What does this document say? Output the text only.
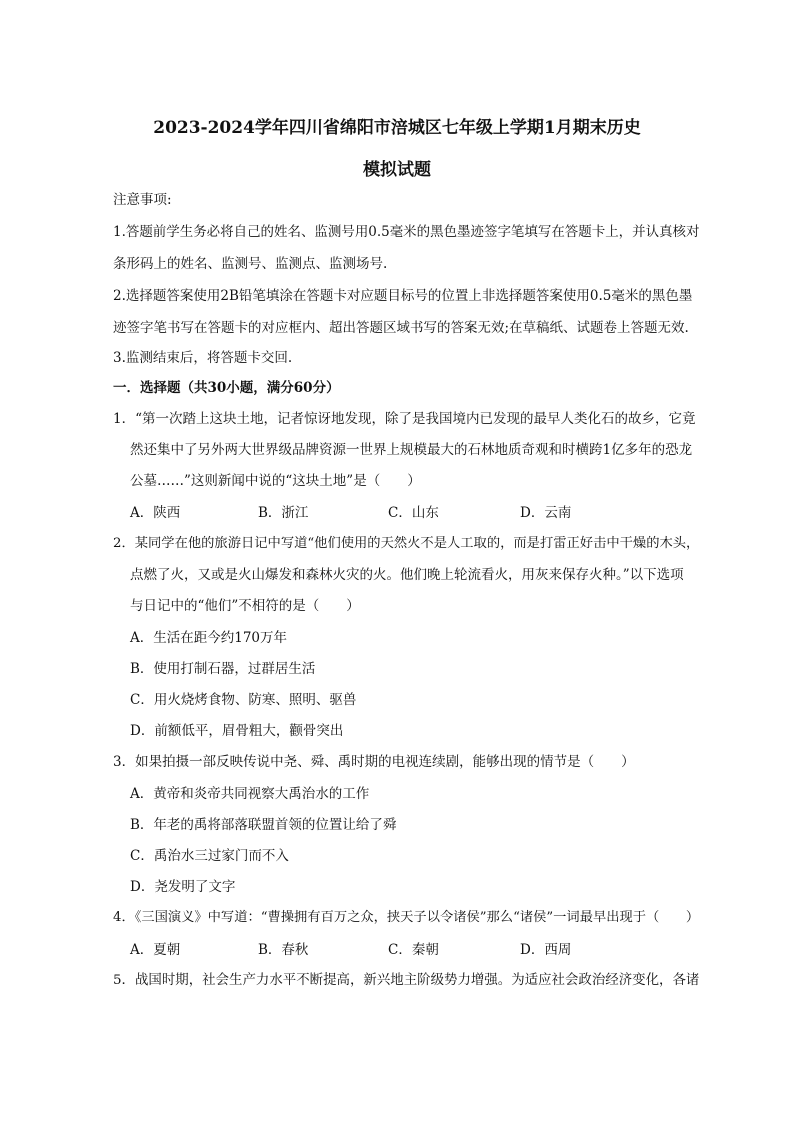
2023-2024学年四川省绵阳市涪城区七年级上学期1月期末历史
模拟试题
注意事项:
1.答题前学生务必将自己的姓名、监测号用0.5毫米的黑色墨迹签字笔填写在答题卡上，并认真核对
条形码上的姓名、监测号、监测点、监测场号.
2.选择题答案使用2B铅笔填涂在答题卡对应题目标号的位置上非选择题答案使用0.5毫米的黑色墨
迹签字笔书写在答题卡的对应框内、超出答题区域书写的答案无效;在草稿纸、试题卷上答题无效.
3.监测结束后，将答题卡交回.
一．选择题（共30小题，满分60分）
1．“第一次踏上这块土地，记者惊讶地发现，除了是我国境内已发现的最早人类化石的故乡，它竟
然还集中了另外两大世界级品牌资源一世界上规模最大的石林地质奇观和时横跨1亿多年的恐龙
公墓……”这则新闻中说的“这块土地”是（　　）
A．陕西	B．浙江	C．山东	D．云南
2．某同学在他的旅游日记中写道“他们使用的天然火不是人工取的，而是打雷正好击中干燥的木头，
点燃了火，又或是火山爆发和森林火灾的火。他们晚上轮流看火，用灰来保存火种。”以下选项
与日记中的“他们”不相符的是（　　）
A．生活在距今约170万年
B．使用打制石器，过群居生活
C．用火烧烤食物、防寒、照明、驱兽
D．前额低平，眉骨粗大，颧骨突出
3．如果拍摄一部反映传说中尧、舜、禹时期的电视连续剧，能够出现的情节是（　　）
A．黄帝和炎帝共同视察大禹治水的工作
B．年老的禹将部落联盟首领的位置让给了舜
C．禹治水三过家门而不入
D．尧发明了文字
4．《三国演义》中写道：“曹操拥有百万之众，挟天子以令诸侯”那么“诸侯”一词最早出现于（　　）
A．夏朝	B．春秋	C．秦朝	D．西周
5．战国时期，社会生产力水平不断提高，新兴地主阶级势力增强。为适应社会政治经济变化，各诸
